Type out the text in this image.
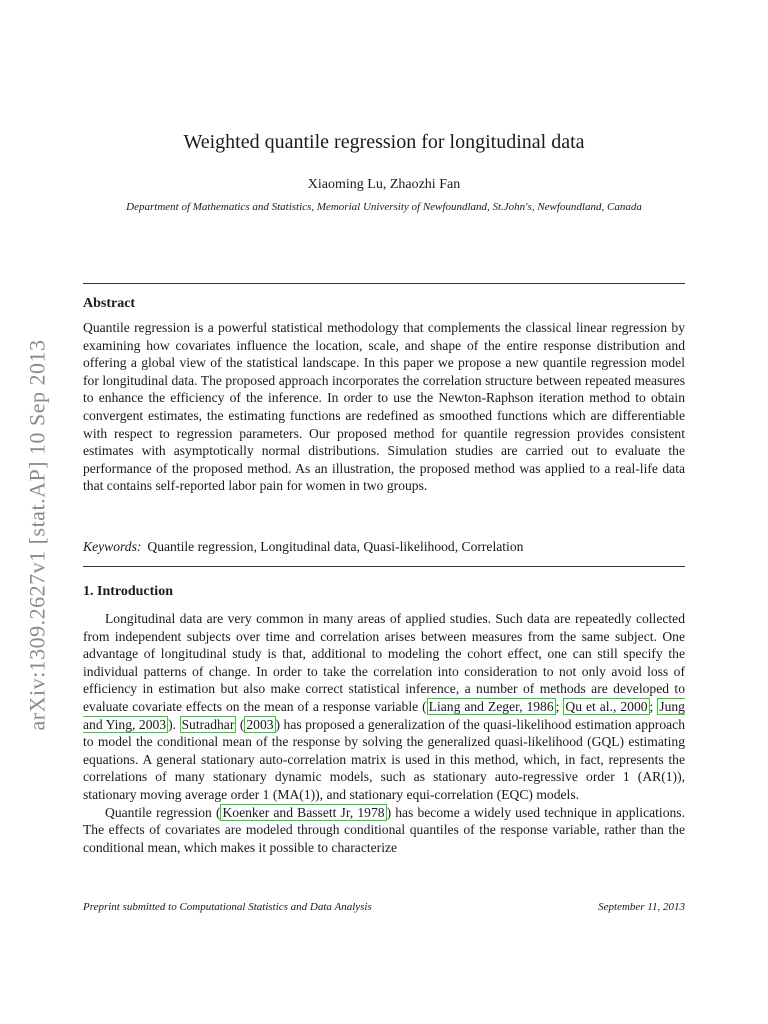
arXiv:1309.2627v1 [stat.AP] 10 Sep 2013
Weighted quantile regression for longitudinal data
Xiaoming Lu, Zhaozhi Fan
Department of Mathematics and Statistics, Memorial University of Newfoundland, St.John's, Newfoundland, Canada
Abstract

Quantile regression is a powerful statistical methodology that complements the classical linear regression by examining how covariates influence the location, scale, and shape of the entire response distribution and offering a global view of the statistical landscape. In this paper we propose a new quantile regression model for longitudinal data. The proposed approach incorporates the correlation structure between repeated measures to enhance the efficiency of the inference. In order to use the Newton-Raphson iteration method to obtain convergent estimates, the estimating functions are redefined as smoothed functions which are differentiable with respect to regression parameters. Our proposed method for quantile regression provides consistent estimates with asymptotically normal distributions. Simulation studies are carried out to evaluate the performance of the proposed method. As an illustration, the proposed method was applied to a real-life data that contains self-reported labor pain for women in two groups.

Keywords: Quantile regression, Longitudinal data, Quasi-likelihood, Correlation
1. Introduction

Longitudinal data are very common in many areas of applied studies. Such data are repeatedly collected from independent subjects over time and correlation arises between measures from the same subject. One advantage of longitudinal study is that, additional to modeling the cohort effect, one can still specify the individual patterns of change. In order to take the correlation into consideration to not only avoid loss of efficiency in estimation but also make correct statistical inference, a number of methods are developed to evaluate covariate effects on the mean of a response variable ( Liang and Zeger, 1986 ; Qu et al., 2000 ; Jung and Ying, 2003 ). Sutradhar ( 2003 ) has proposed a generalization of the quasi-likelihood estimation approach to model the conditional mean of the response by solving the generalized quasi-likelihood (GQL) estimating equations. A general stationary auto-correlation matrix is used in this method, which, in fact, represents the correlations of many stationary dynamic models, such as stationary auto-regressive order 1 (AR(1)), stationary moving average order 1 (MA(1)), and stationary equi-correlation (EQC) models.

Quantile regression ( Koenker and Bassett Jr, 1978 ) has become a widely used technique in applications. The effects of covariates are modeled through conditional quantiles of the response variable, rather than the conditional mean, which makes it possible to characterize

Preprint submitted to Computational Statistics and Data Analysis	September 11, 2013
